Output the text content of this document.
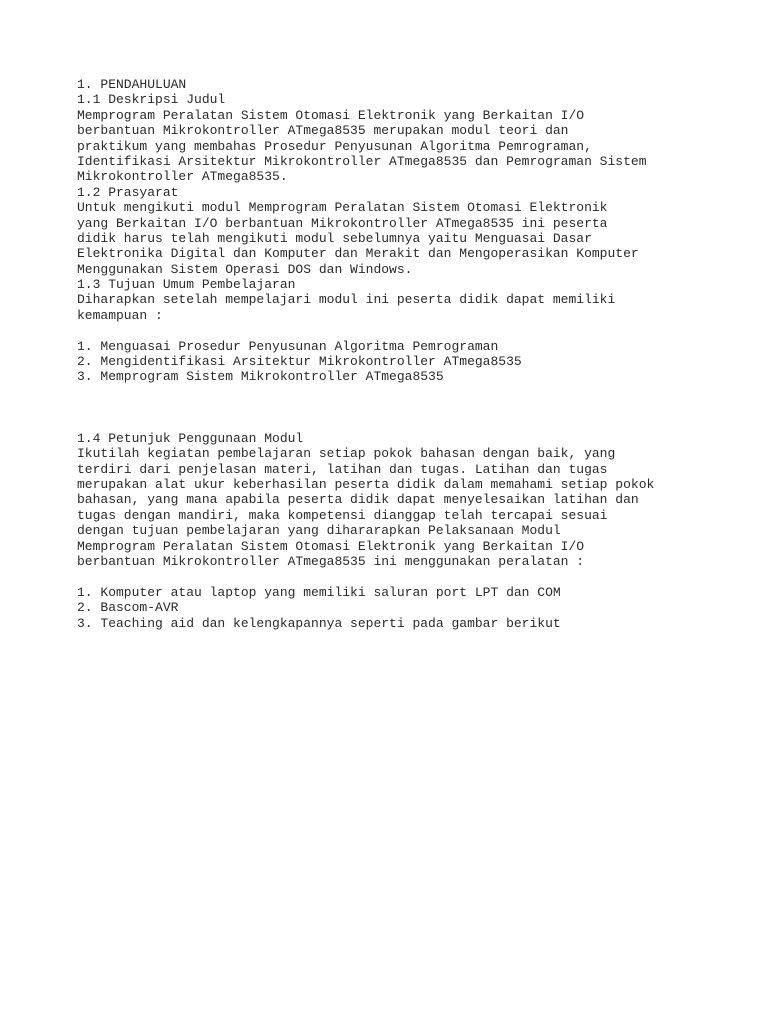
1. PENDAHULUAN
1.1 Deskripsi Judul
Memprogram Peralatan Sistem Otomasi Elektronik yang Berkaitan I/O
berbantuan Mikrokontroller ATmega8535 merupakan modul teori dan
praktikum yang membahas Prosedur Penyusunan Algoritma Pemrograman,
Identifikasi Arsitektur Mikrokontroller ATmega8535 dan Pemrograman Sistem
Mikrokontroller ATmega8535.
1.2 Prasyarat
Untuk mengikuti modul Memprogram Peralatan Sistem Otomasi Elektronik
yang Berkaitan I/O berbantuan Mikrokontroller ATmega8535 ini peserta
didik harus telah mengikuti modul sebelumnya yaitu Menguasai Dasar
Elektronika Digital dan Komputer dan Merakit dan Mengoperasikan Komputer
Menggunakan Sistem Operasi DOS dan Windows.
1.3 Tujuan Umum Pembelajaran
Diharapkan setelah mempelajari modul ini peserta didik dapat memiliki
kemampuan :
1. Menguasai Prosedur Penyusunan Algoritma Pemrograman
2. Mengidentifikasi Arsitektur Mikrokontroller ATmega8535
3. Memprogram Sistem Mikrokontroller ATmega8535
1.4 Petunjuk Penggunaan Modul
Ikutilah kegiatan pembelajaran setiap pokok bahasan dengan baik, yang
terdiri dari penjelasan materi, latihan dan tugas. Latihan dan tugas
merupakan alat ukur keberhasilan peserta didik dalam memahami setiap pokok
bahasan, yang mana apabila peserta didik dapat menyelesaikan latihan dan
tugas dengan mandiri, maka kompetensi dianggap telah tercapai sesuai
dengan tujuan pembelajaran yang dihararapkan Pelaksanaan Modul
Memprogram Peralatan Sistem Otomasi Elektronik yang Berkaitan I/O
berbantuan Mikrokontroller ATmega8535 ini menggunakan peralatan :
1. Komputer atau laptop yang memiliki saluran port LPT dan COM
2. Bascom-AVR
3. Teaching aid dan kelengkapannya seperti pada gambar berikut
